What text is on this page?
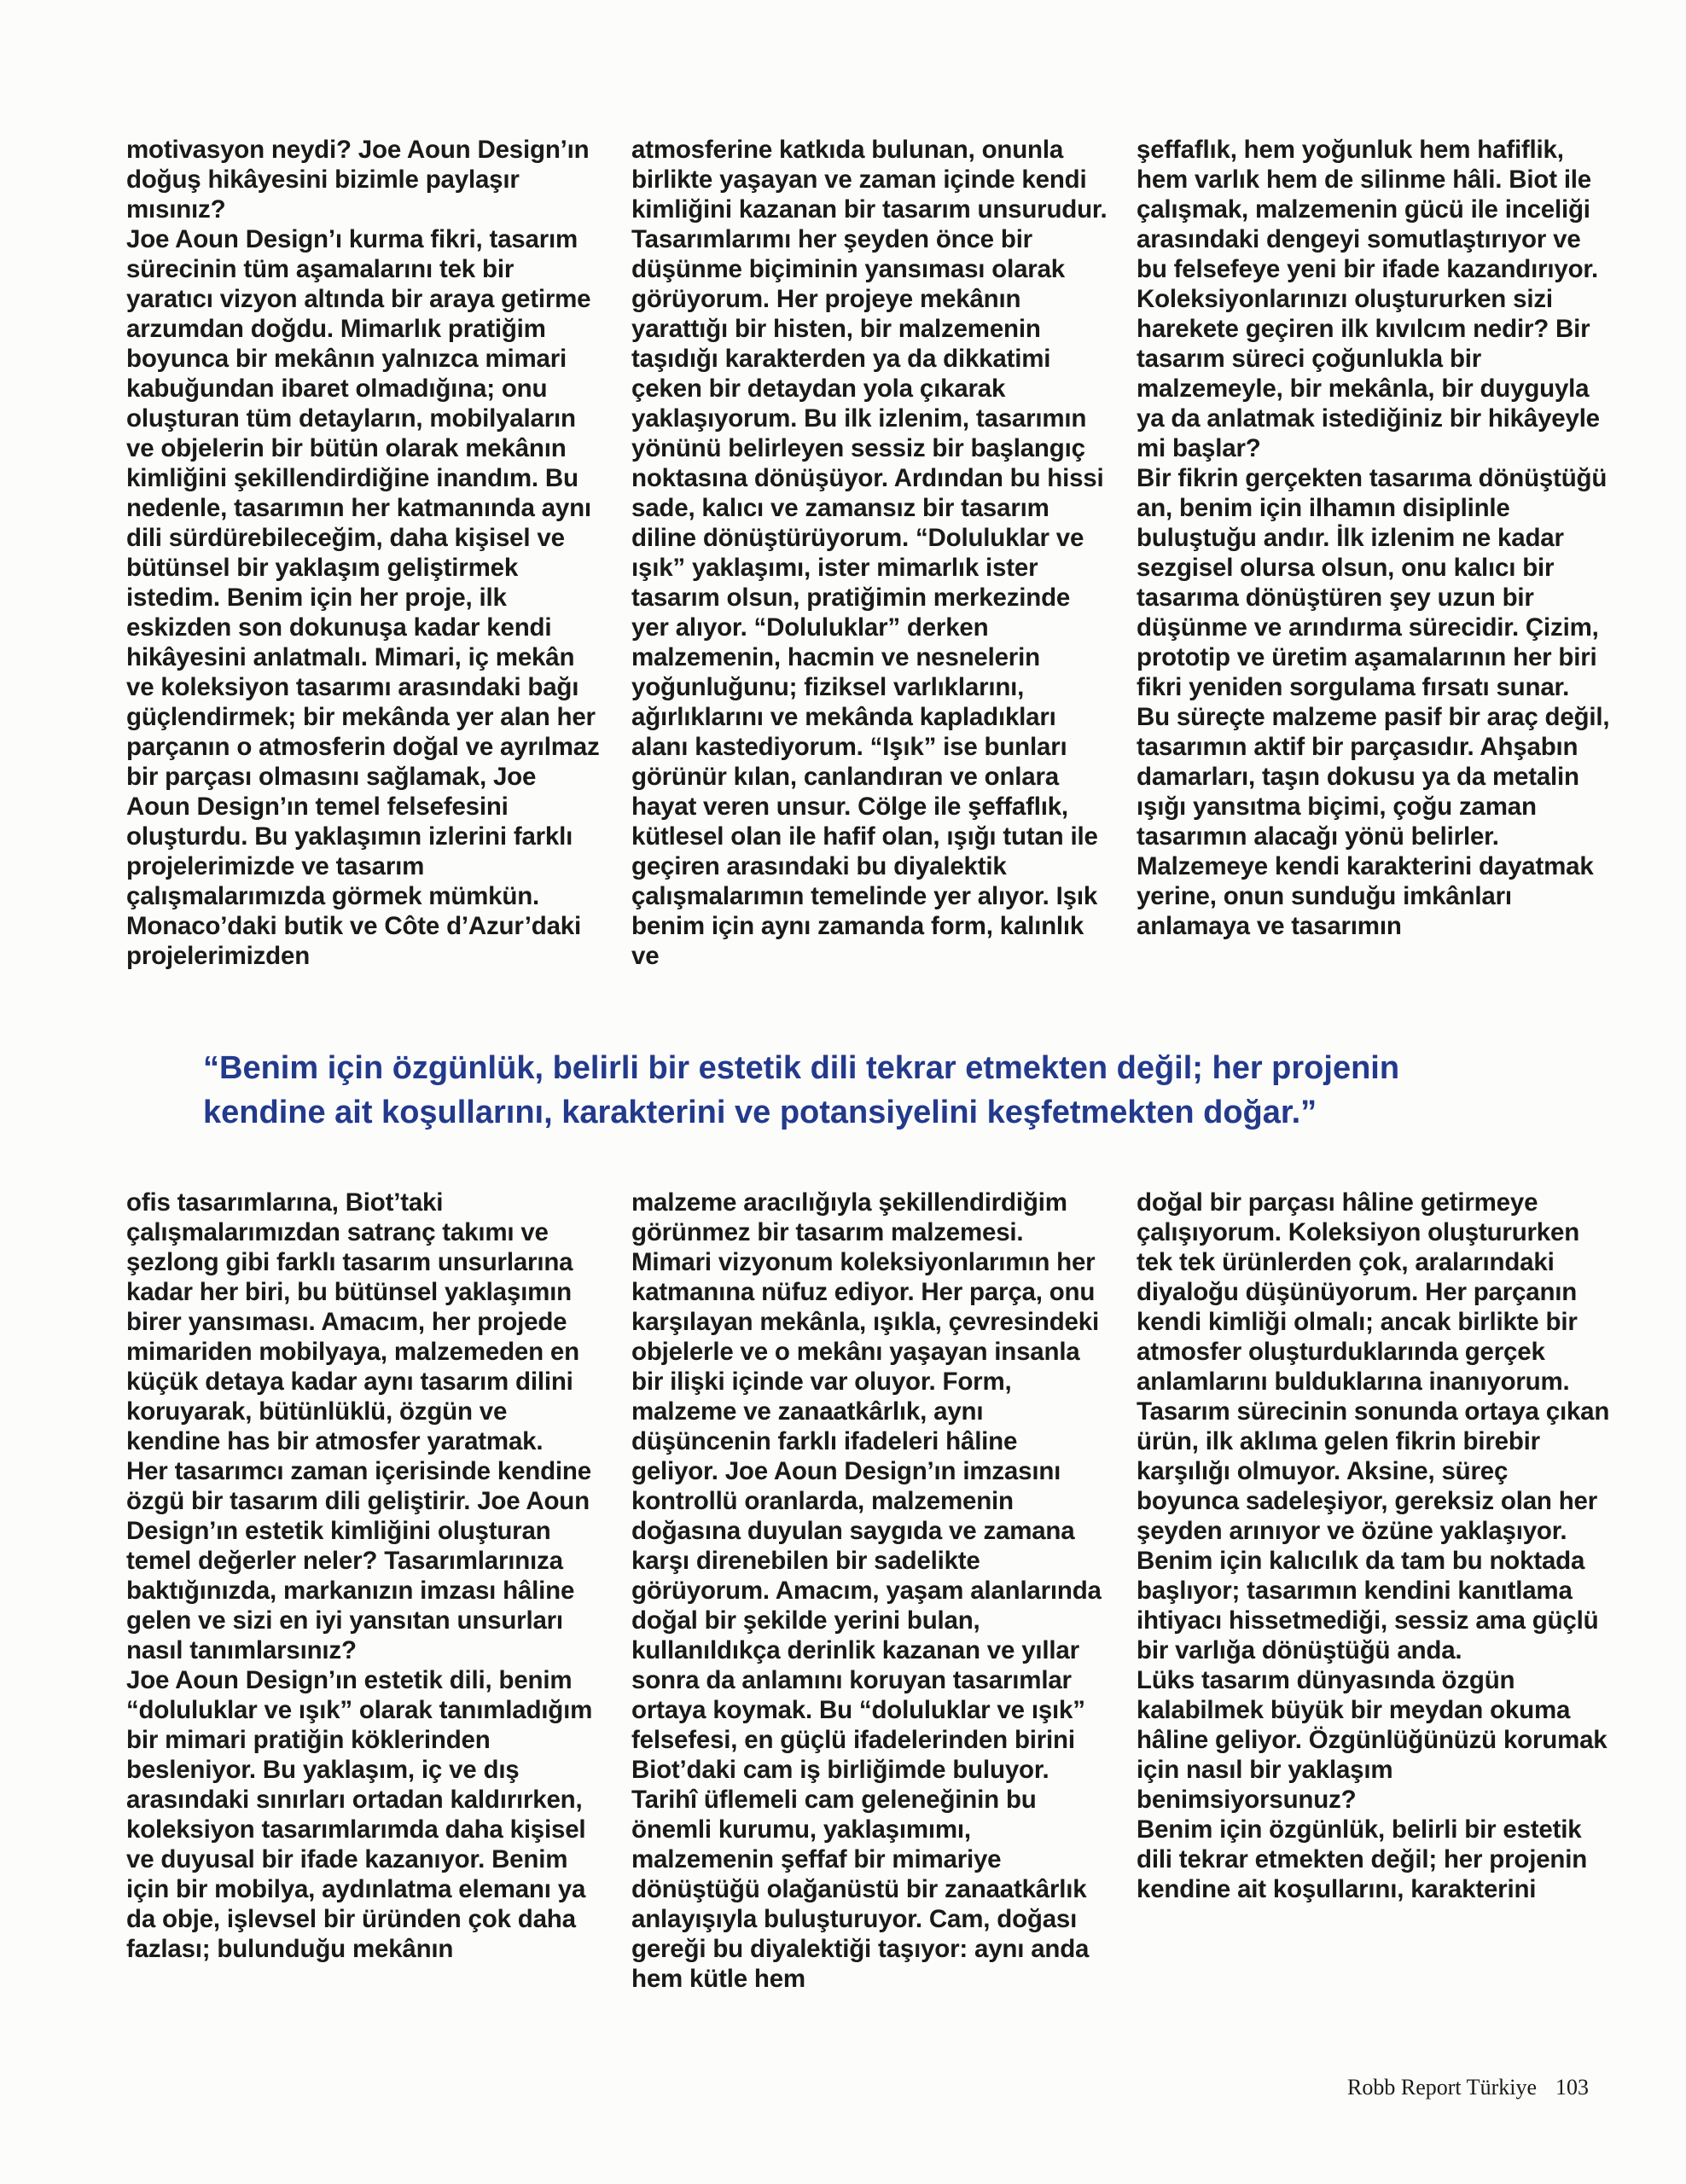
motivasyon neydi? Joe Aoun Design’ın doğuş hikâyesini bizimle paylaşır mısınız?

Joe Aoun Design’ı kurma fikri, tasarım sürecinin tüm aşamalarını tek bir yaratıcı vizyon altında bir araya getirme arzumdan doğdu. Mimarlık pratiğim boyunca bir mekânın yalnızca mimari kabuğundan ibaret olmadığına; onu oluşturan tüm detayların, mobilyaların ve objelerin bir bütün olarak mekânın kimliğini şekillendirdiğine inandım. Bu nedenle, tasarımın her katmanında aynı dili sürdürebileceğim, daha kişisel ve bütünsel bir yaklaşım geliştirmek istedim. Benim için her proje, ilk eskizden son dokunuşa kadar kendi hikâyesini anlatmalı. Mimari, iç mekân ve koleksiyon tasarımı arasındaki bağı güçlendirmek; bir mekânda yer alan her parçanın o atmosferin doğal ve ayrılmaz bir parçası olmasını sağlamak, Joe Aoun Design’ın temel felsefesini oluşturdu. Bu yaklaşımın izlerini farklı projelerimizde ve tasarım çalışmalarımızda görmek mümkün. Monaco’daki butik ve Côte d’Azur’daki projelerimizden

atmosferine katkıda bulunan, onunla birlikte yaşayan ve zaman içinde kendi kimliğini kazanan bir tasarım unsurudur. Tasarımlarımı her şeyden önce bir düşünme biçiminin yansıması olarak görüyorum. Her projeye mekânın yarattığı bir histen, bir malzemenin taşıdığı karakterden ya da dikkatimi çeken bir detaydan yola çıkarak yaklaşıyorum. Bu ilk izlenim, tasarımın yönünü belirleyen sessiz bir başlangıç noktasına dönüşüyor. Ardından bu hissi sade, kalıcı ve zamansız bir tasarım diline dönüştürüyorum. “Doluluklar ve ışık” yaklaşımı, ister mimarlık ister tasarım olsun, pratiğimin merkezinde yer alıyor. “Doluluklar” derken malzemenin, hacmin ve nesnelerin yoğunluğunu; fiziksel varlıklarını, ağırlıklarını ve mekânda kapladıkları alanı kastediyorum. “Işık” ise bunları görünür kılan, canlandıran ve onlara hayat veren unsur. Cölge ile şeffaflık, kütlesel olan ile hafif olan, ışığı tutan ile geçiren arasındaki bu diyalektik çalışmalarımın temelinde yer alıyor. Işık benim için aynı zamanda form, kalınlık ve

şeffaflık, hem yoğunluk hem hafiflik, hem varlık hem de silinme hâli. Biot ile çalışmak, malzemenin gücü ile inceliği arasındaki dengeyi somutlaştırıyor ve bu felsefeye yeni bir ifade kazandırıyor.

Koleksiyonlarınızı oluştururken sizi harekete geçiren ilk kıvılcım nedir? Bir tasarım süreci çoğunlukla bir malzemeyle, bir mekânla, bir duyguyla ya da anlatmak istediğiniz bir hikâyeyle mi başlar?

Bir fikrin gerçekten tasarıma dönüştüğü an, benim için ilhamın disiplinle buluştuğu andır. İlk izlenim ne kadar sezgisel olursa olsun, onu kalıcı bir tasarıma dönüştüren şey uzun bir düşünme ve arındırma sürecidir. Çizim, prototip ve üretim aşamalarının her biri fikri yeniden sorgulama fırsatı sunar.

Bu süreçte malzeme pasif bir araç değil, tasarımın aktif bir parçasıdır. Ahşabın damarları, taşın dokusu ya da metalin ışığı yansıtma biçimi, çoğu zaman tasarımın alacağı yönü belirler. Malzemeye kendi karakterini dayatmak yerine, onun sunduğu imkânları anlamaya ve tasarımın

“Benim için özgünlük, belirli bir estetik dili tekrar etmekten değil; her projenin kendine ait koşullarını, karakterini ve potansiyelini keşfetmekten doğar.”

ofis tasarımlarına, Biot’taki çalışmalarımızdan satranç takımı ve şezlong gibi farklı tasarım unsurlarına kadar her biri, bu bütünsel yaklaşımın birer yansıması. Amacım, her projede mimariden mobilyaya, malzemeden en küçük detaya kadar aynı tasarım dilini koruyarak, bütünlüklü, özgün ve kendine has bir atmosfer yaratmak.

Her tasarımcı zaman içerisinde kendine özgü bir tasarım dili geliştirir. Joe Aoun Design’ın estetik kimliğini oluşturan temel değerler neler? Tasarımlarınıza baktığınızda, markanızın imzası hâline gelen ve sizi en iyi yansıtan unsurları nasıl tanımlarsınız?

Joe Aoun Design’ın estetik dili, benim “doluluklar ve ışık” olarak tanımladığım bir mimari pratiğin köklerinden besleniyor. Bu yaklaşım, iç ve dış arasındaki sınırları ortadan kaldırırken, koleksiyon tasarımlarımda daha kişisel ve duyusal bir ifade kazanıyor. Benim için bir mobilya, aydınlatma elemanı ya da obje, işlevsel bir üründen çok daha fazlası; bulunduğu mekânın

malzeme aracılığıyla şekillendirdiğim görünmez bir tasarım malzemesi. Mimari vizyonum koleksiyonlarımın her katmanına nüfuz ediyor. Her parça, onu karşılayan mekânla, ışıkla, çevresindeki objelerle ve o mekânı yaşayan insanla bir ilişki içinde var oluyor. Form, malzeme ve zanaatkârlık, aynı düşüncenin farklı ifadeleri hâline geliyor. Joe Aoun Design’ın imzasını kontrollü oranlarda, malzemenin doğasına duyulan saygıda ve zamana karşı direnebilen bir sadelikte görüyorum. Amacım, yaşam alanlarında doğal bir şekilde yerini bulan, kullanıldıkça derinlik kazanan ve yıllar sonra da anlamını koruyan tasarımlar ortaya koymak. Bu “doluluklar ve ışık” felsefesi, en güçlü ifadelerinden birini Biot’daki cam iş birliğimde buluyor. Tarihî üflemeli cam geleneğinin bu önemli kurumu, yaklaşımımı, malzemenin şeffaf bir mimariye dönüştüğü olağanüstü bir zanaatkârlık anlayışıyla buluşturuyor. Cam, doğası gereği bu diyalektiği taşıyor: aynı anda hem kütle hem

doğal bir parçası hâline getirmeye çalışıyorum. Koleksiyon oluştururken tek tek ürünlerden çok, aralarındaki diyaloğu düşünüyorum. Her parçanın kendi kimliği olmalı; ancak birlikte bir atmosfer oluşturduklarında gerçek anlamlarını bulduklarına inanıyorum. Tasarım sürecinin sonunda ortaya çıkan ürün, ilk aklıma gelen fikrin birebir karşılığı olmuyor. Aksine, süreç boyunca sadeleşiyor, gereksiz olan her şeyden arınıyor ve özüne yaklaşıyor. Benim için kalıcılık da tam bu noktada başlıyor; tasarımın kendini kanıtlama ihtiyacı hissetmediği, sessiz ama güçlü bir varlığa dönüştüğü anda.

Lüks tasarım dünyasında özgün kalabilmek büyük bir meydan okuma hâline geliyor. Özgünlüğünüzü korumak için nasıl bir yaklaşım benimsiyorsunuz?

Benim için özgünlük, belirli bir estetik dili tekrar etmekten değil; her projenin kendine ait koşullarını, karakterini

Robb Report Türkiye 103
